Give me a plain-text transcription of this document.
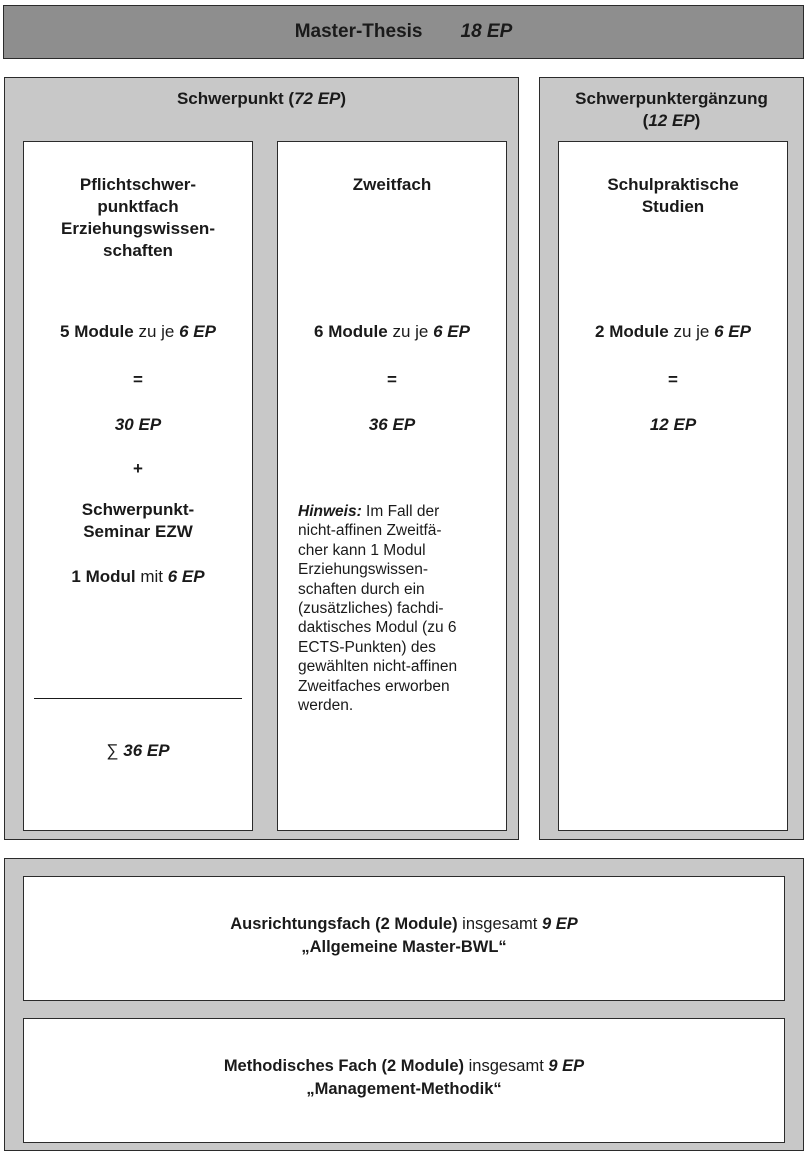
Master-Thesis 18 EP
Schwerpunkt (72 EP)
Pflichtschwer-
punktfach
Erziehungswissen-
schaften
5 Module zu je 6 EP
=
30 EP
+
Schwerpunkt-
Seminar EZW
1 Modul mit 6 EP
∑ 36 EP
Zweitfach
6 Module zu je 6 EP
=
36 EP
Hinweis: Im Fall der
nicht-affinen Zweitfä-
cher kann 1 Modul
Erziehungswissen-
schaften durch ein
(zusätzliches) fachdi-
daktisches Modul (zu 6
ECTS-Punkten) des
gewählten nicht-affinen
Zweitfaches erworben
werden.
Schwerpunktergänzung
(12 EP)
Schulpraktische
Studien
2 Module zu je 6 EP
=
12 EP
Ausrichtungsfach (2 Module) insgesamt 9 EP
„Allgemeine Master-BWL“
Methodisches Fach (2 Module) insgesamt 9 EP
„Management-Methodik“
